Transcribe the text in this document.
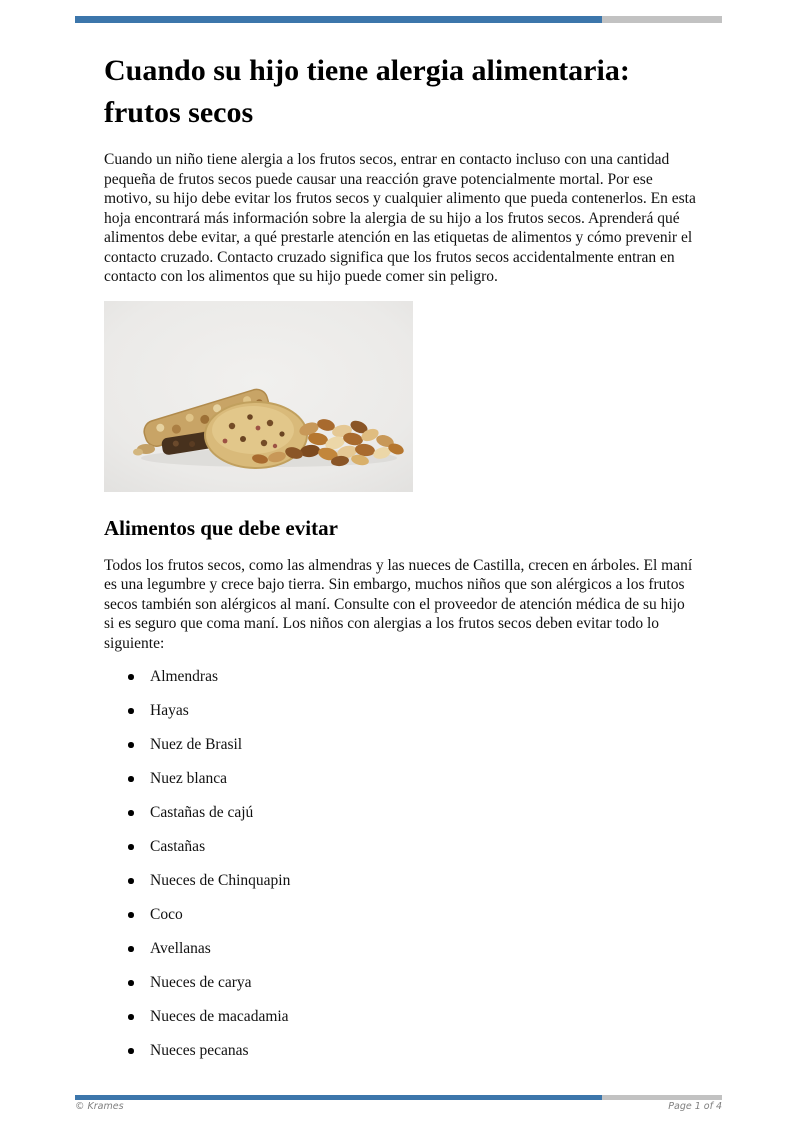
Cuando su hijo tiene alergia alimentaria: frutos secos

Cuando un niño tiene alergia a los frutos secos, entrar en contacto incluso con una cantidad pequeña de frutos secos puede causar una reacción grave potencialmente mortal. Por ese motivo, su hijo debe evitar los frutos secos y cualquier alimento que pueda contenerlos. En esta hoja encontrará más información sobre la alergia de su hijo a los frutos secos. Aprenderá qué alimentos debe evitar, a qué prestarle atención en las etiquetas de alimentos y cómo prevenir el contacto cruzado. Contacto cruzado significa que los frutos secos accidentalmente entran en contacto con los alimentos que su hijo puede comer sin peligro.

Alimentos que debe evitar

Todos los frutos secos, como las almendras y las nueces de Castilla, crecen en árboles. El maní es una legumbre y crece bajo tierra. Sin embargo, muchos niños que son alérgicos a los frutos secos también son alérgicos al maní. Consulte con el proveedor de atención médica de su hijo si es seguro que coma maní. Los niños con alergias a los frutos secos deben evitar todo lo siguiente:

Almendras
Hayas
Nuez de Brasil
Nuez blanca
Castañas de cajú
Castañas
Nueces de Chinquapin
Coco
Avellanas
Nueces de carya
Nueces de macadamia
Nueces pecanas
© Krames	Page 1 of 4
